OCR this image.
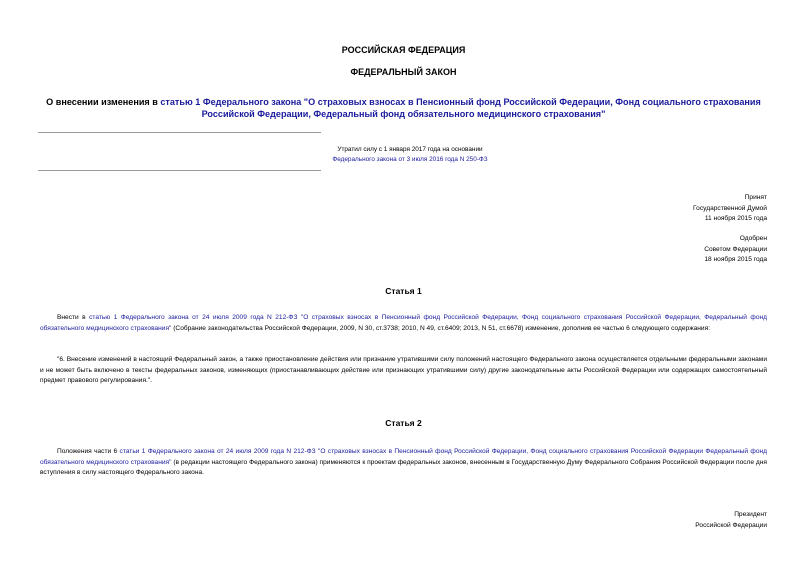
РОССИЙСКАЯ ФЕДЕРАЦИЯ
ФЕДЕРАЛЬНЫЙ ЗАКОН
О внесении изменения в статью 1 Федерального закона "О страховых взносах в Пенсионный фонд Российской Федерации, Фонд социального страхования Российской Федерации, Федеральный фонд обязательного медицинского страхования"
Утратил силу с 1 января 2017 года на основании
Федерального закона от 3 июля 2016 года N 250-ФЗ
Принят
Государственной Думой
11 ноября 2015 года
Одобрен
Советом Федерации
18 ноября 2015 года
Статья 1
Внести в статью 1 Федерального закона от 24 июля 2009 года N 212-ФЗ "О страховых взносах в Пенсионный фонд Российской Федерации, Фонд социального страхования Российской Федерации, Федеральный фонд обязательного медицинского страхования" (Собрание законодательства Российской Федерации, 2009, N 30, ст.3738; 2010, N 49, ст.6409; 2013, N 51, ст.6678) изменение, дополнив ее частью 6 следующего содержания:
"6. Внесение изменений в настоящий Федеральный закон, а также приостановление действия или признание утратившими силу положений настоящего Федерального закона осуществляется отдельными федеральными законами и не может быть включено в тексты федеральных законов, изменяющих (приостанавливающих действие или признающих утратившими силу) другие законодательные акты Российской Федерации или содержащих самостоятельный предмет правового регулирования.".
Статья 2
Положения части 6 статьи 1 Федерального закона от 24 июля 2009 года N 212-ФЗ "О страховых взносах в Пенсионный фонд Российской Федерации, Фонд социального страхования Российской Федерации Федеральный фонд обязательного медицинского страхования" (в редакции настоящего Федерального закона) применяются к проектам федеральных законов, внесенным в Государственную Думу Федерального Собрания Российской Федерации после дня вступления в силу настоящего Федерального закона.
Президент
Российской Федерации
